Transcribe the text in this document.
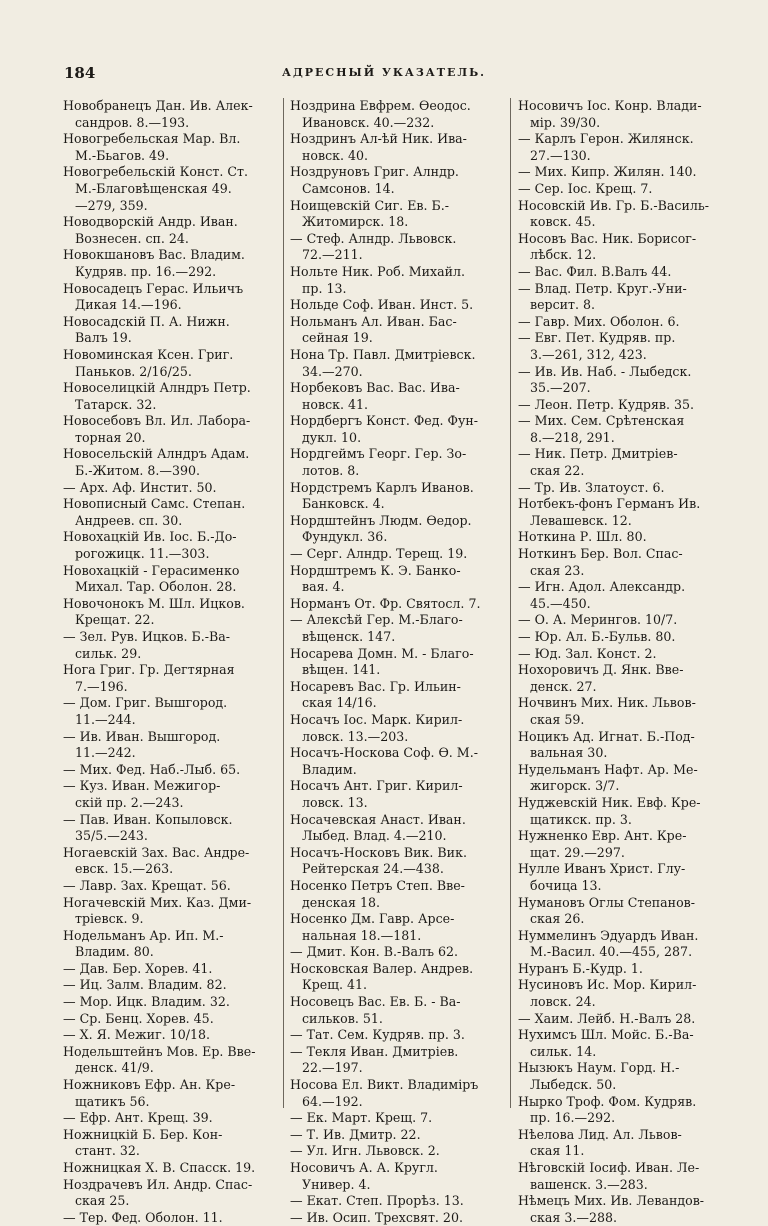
184	АДРЕСНЫЙ УКАЗАТЕЛЬ.
Новобранецъ Дан. Ив. Алек-
сандров. 8.—193.
Новогребельская Мар. Вл.
М.-Бьагов. 49.
Новогребельскій Конст. Ст.
М.-Благовѣщенская 49.
—279, 359.
Новодворскій Андр. Иван.
Вознесен. сп. 24.
Новокшановъ Вас. Владим.
Кудряв. пр. 16.—292.
Новосадецъ Герас. Ильичъ
Дикая 14.—196.
Новосадскій П. А. Нижн.
Валъ 19.
Новоминская Ксен. Григ.
Паньков. 2/16/25.
Новоселицкій Алндръ Петр.
Татарск. 32.
Новосебовъ Вл. Ил. Лабора-
торная 20.
Новосельскій Алндръ Адам.
Б.-Житом. 8.—390.
— Арх. Аф. Инстит. 50.
Новописный Самс. Степан.
Андреев. сп. 30.
Новохацкій Ив. Іос. Б.-До-
рогожицк. 11.—303.
Новохацкій - Герасименко
Михал. Тар. Оболон. 28.
Новочонокъ М. Шл. Ицков.
Крещат. 22.
— Зел. Рув. Ицков. Б.-Ва-
сильк. 29.
Нога Григ. Гр. Дегтярная
7.—196.
— Дом. Григ. Вышгород.
11.—244.
— Ив. Иван. Вышгород.
11.—242.
— Мих. Фед. Наб.-Лыб. 65.
— Куз. Иван. Межигор-
скій пр. 2.—243.
— Пав. Иван. Копыловск.
35/5.—243.
Ногаевскій Зах. Вас. Андре-
евск. 15.—263.
— Лавр. Зах. Крещат. 56.
Ногачевскій Мих. Каз. Дми-
тріевск. 9.
Нодельманъ Ар. Ип. М.-
Владим. 80.
— Дав. Бер. Хорев. 41.
— Иц. Залм. Владим. 82.
— Мор. Ицк. Владим. 32.
— Ср. Бенц. Хорев. 45.
— Х. Я. Межиг. 10/18.
Нодельштейнъ Мов. Ер. Вве-
денск. 41/9.
Ножниковъ Ефр. Ан. Кре-
щатикъ 56.
— Ефр. Ант. Крещ. 39.
Ножницкій Б. Бер. Кон-
стант. 32.
Ножницкая Х. В. Спасск. 19.
Ноздрачевъ Ил. Андр. Спас-
ская 25.
— Тер. Фед. Оболон. 11.
Ноздрина Евфрем. Ѳеодос.
Ивановск. 40.—232.
Ноздринъ Ал-ѣй Ник. Ива-
новск. 40.
Ноздруновъ Григ. Алндр.
Самсонов. 14.
Ноищевскій Сиг. Ев. Б.-
Житомирск. 18.
— Стеф. Алндр. Львовск.
72.—211.
Нольте Ник. Роб. Михайл.
пр. 13.
Нольде Соф. Иван. Инст. 5.
Нольманъ Ал. Иван. Бас-
сейная 19.
Нона Тр. Павл. Дмитріевск.
34.—270.
Норбековъ Вас. Вас. Ива-
новск. 41.
Нордбергъ Конст. Фед. Фун-
дукл. 10.
Нордгеймъ Георг. Гер. Зо-
лотов. 8.
Нордстремъ Карлъ Иванов.
Банковск. 4.
Нордштейнъ Людм. Ѳедор.
Фундукл. 36.
— Серг. Алндр. Терещ. 19.
Нордштремъ К. Э. Банко-
вая. 4.
Норманъ От. Фр. Святосл. 7.
— Алексѣй Гер. М.-Благо-
вѣщенск. 147.
Носарева Домн. М. - Благо-
вѣщен. 141.
Носаревъ Вас. Гр. Ильин-
ская 14/16.
Носачъ Іос. Марк. Кирил-
ловск. 13.—203.
Носачъ-Носкова Соф. Ѳ. М.-
Владим.
Носачъ Ант. Григ. Кирил-
ловск. 13.
Носачевская Анаст. Иван.
Лыбед. Влад. 4.—210.
Носачъ-Носковъ Вик. Вик.
Рейтерская 24.—438.
Носенко Петръ Степ. Вве-
денская 18.
Носенко Дм. Гавр. Арсе-
нальная 18.—181.
— Дмит. Кон. В.-Валъ 62.
Носковская Валер. Андрев.
Крещ. 41.
Носовецъ Вас. Ев. Б. - Ва-
сильков. 51.
— Тат. Сем. Кудряв. пр. 3.
— Текля Иван. Дмитріев.
22.—197.
Носова Ел. Викт. Владиміръ
64.—192.
— Ек. Март. Крещ. 7.
— Т. Ив. Дмитр. 22.
— Ул. Игн. Львовск. 2.
Носовичъ А. А. Кругл.
Универ. 4.
— Екат. Степ. Прорѣз. 13.
— Ив. Осип. Трехсвят. 20.
Носовичъ Іос. Конр. Влади-
мір. 39/30.
— Карлъ Герон. Жилянск.
27.—130.
— Мих. Кипр. Жилян. 140.
— Сер. Іос. Крещ. 7.
Носовскій Ив. Гр. Б.-Василь-
ковск. 45.
Носовъ Вас. Ник. Борисог-
лѣбск. 12.
— Вас. Фил. В.Валъ 44.
— Влад. Петр. Круг.-Уни-
версит. 8.
— Гавр. Мих. Оболон. 6.
— Евг. Пет. Кудряв. пр.
3.—261, 312, 423.
— Ив. Ив. Наб. - Лыбедск.
35.—207.
— Леон. Петр. Кудряв. 35.
— Мих. Сем. Срѣтенская
8.—218, 291.
— Ник. Петр. Дмитріев-
ская 22.
— Тр. Ив. Златоуст. 6.
Нотбекъ-фонъ Германъ Ив.
Левашевск. 12.
Ноткина Р. Шл. 80.
Ноткинъ Бер. Вол. Спас-
ская 23.
— Игн. Адол. Александр.
45.—450.
— О. А. Мерингов. 10/7.
— Юр. Ал. Б.-Бульв. 80.
— Юд. Зал. Конст. 2.
Нохоровичъ Д. Янк. Вве-
денск. 27.
Ночвинъ Мих. Ник. Львов-
ская 59.
Ноцикъ Ад. Игнат. Б.-Под-
вальная 30.
Нудельманъ Нафт. Ар. Ме-
жигорск. 3/7.
Нуджевскій Ник. Евф. Кре-
щатикск. пр. 3.
Нужненко Евр. Ант. Кре-
щат. 29.—297.
Нулле Иванъ Христ. Глу-
бочица 13.
Нумановъ Оглы Степанов-
ская 26.
Нуммелинъ Эдуардъ Иван.
М.-Васил. 40.—455, 287.
Нуранъ Б.-Кудр. 1.
Нусиновъ Ис. Мор. Кирил-
ловск. 24.
— Хаим. Лейб. Н.-Валъ 28.
Нухимсъ Шл. Мойс. Б.-Ва-
сильк. 14.
Нызюкъ Наум. Горд. Н.-
Лыбедск. 50.
Нырко Троф. Фом. Кудряв.
пр. 16.—292.
Нѣелова Лид. Ал. Львов-
ская 11.
Нѣговскій Іосиф. Иван. Ле-
вашенск. 3.—283.
Нѣмецъ Мих. Ив. Левандов-
ская 3.—288.
